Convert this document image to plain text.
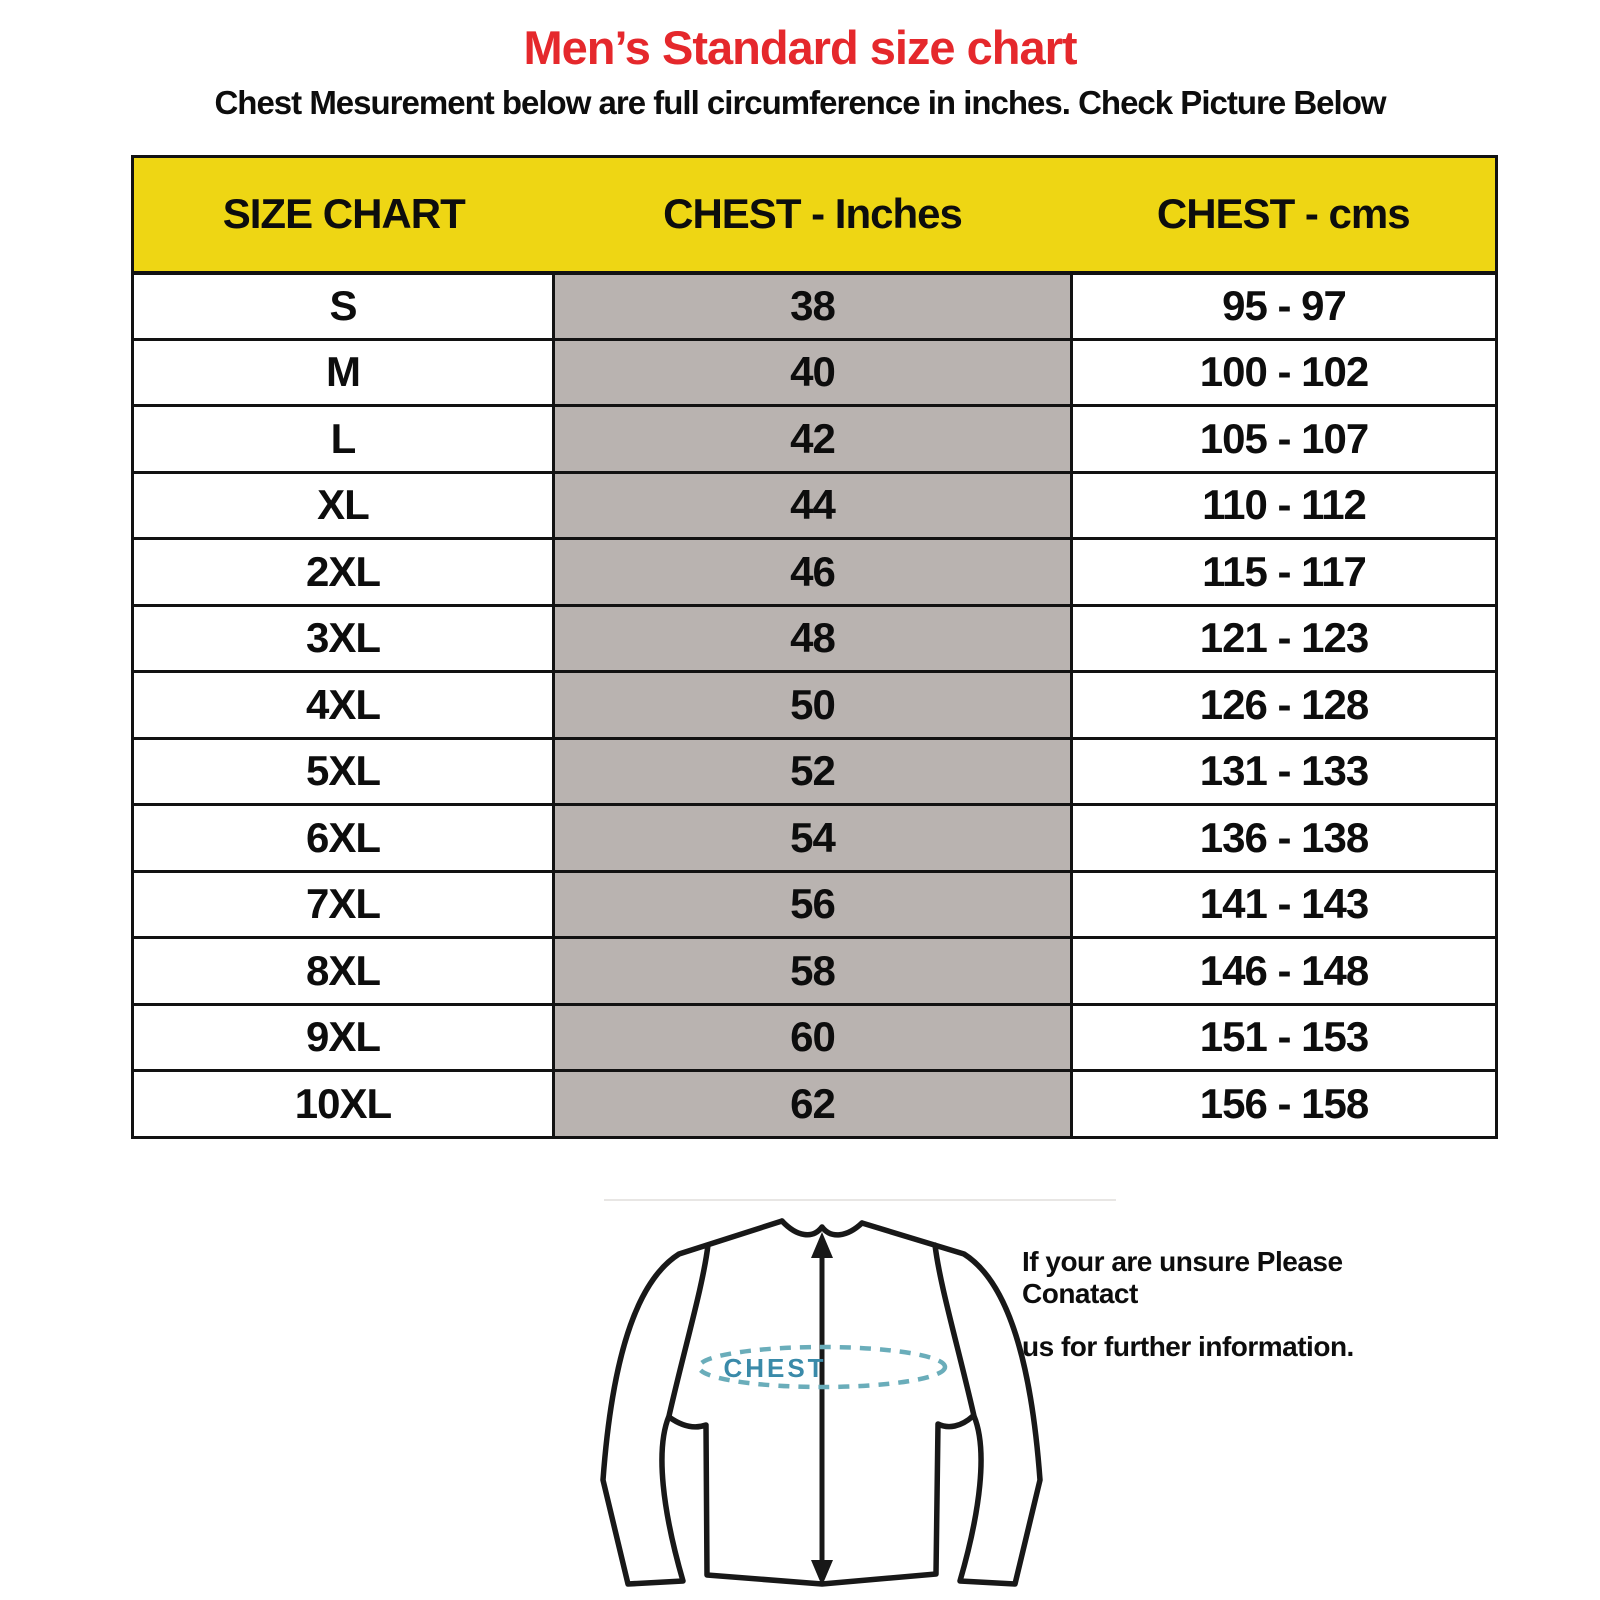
Men’s Standard size chart
Chest Mesurement below are full circumference in inches. Check Picture Below
SIZE CHART	CHEST - Inches	CHEST - cms
S	38	95 - 97
M	40	100 - 102
L	42	105 - 107
XL	44	110 - 112
2XL	46	115 - 117
3XL	48	121 - 123
4XL	50	126 - 128
5XL	52	131 - 133
6XL	54	136 - 138
7XL	56	141 - 143
8XL	58	146 - 148
9XL	60	151 - 153
10XL	62	156 - 158
CHEST
If your are unsure Please Conatact
us for further information.
